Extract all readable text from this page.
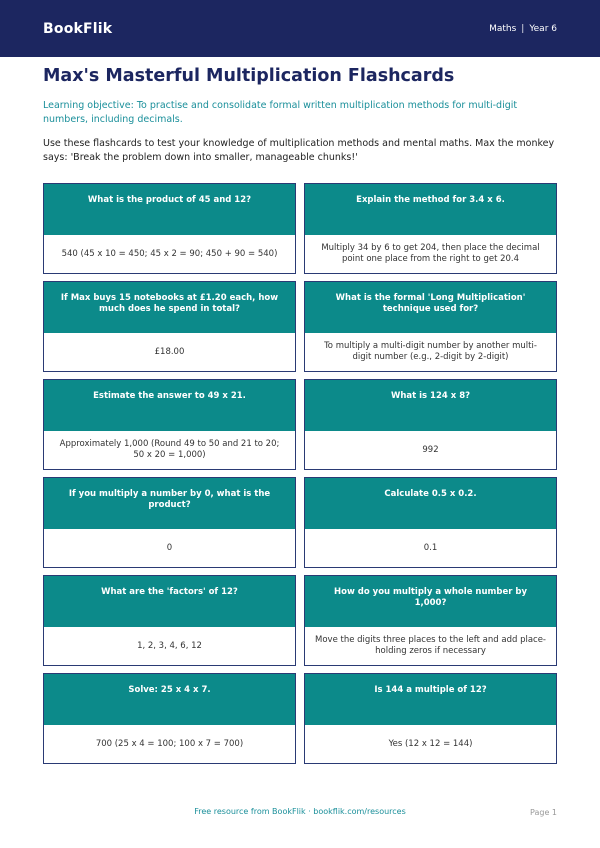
BookFlik	Maths | Year 6
Max's Masterful Multiplication Flashcards

Learning objective: To practise and consolidate formal written multiplication methods for multi-digit numbers, including decimals.

Use these flashcards to test your knowledge of multiplication methods and mental maths. Max the monkey says: 'Break the problem down into smaller, manageable chunks!'

What is the product of 45 and 12?
540 (45 x 10 = 450; 45 x 2 = 90; 450 + 90 = 540)
Explain the method for 3.4 x 6.
Multiply 34 by 6 to get 204, then place the decimal point one place from the right to get 20.4
If Max buys 15 notebooks at £1.20 each, how much does he spend in total?
£18.00
What is the formal 'Long Multiplication' technique used for?
To multiply a multi-digit number by another multi-digit number (e.g., 2-digit by 2-digit)
Estimate the answer to 49 x 21.
Approximately 1,000 (Round 49 to 50 and 21 to 20; 50 x 20 = 1,000)
What is 124 x 8?
992
If you multiply a number by 0, what is the product?
0
Calculate 0.5 x 0.2.
0.1
What are the 'factors' of 12?
1, 2, 3, 4, 6, 12
How do you multiply a whole number by 1,000?
Move the digits three places to the left and add place-holding zeros if necessary
Solve: 25 x 4 x 7.
700 (25 x 4 = 100; 100 x 7 = 700)
Is 144 a multiple of 12?
Yes (12 x 12 = 144)
Free resource from BookFlik · bookflik.com/resources	Page 1
